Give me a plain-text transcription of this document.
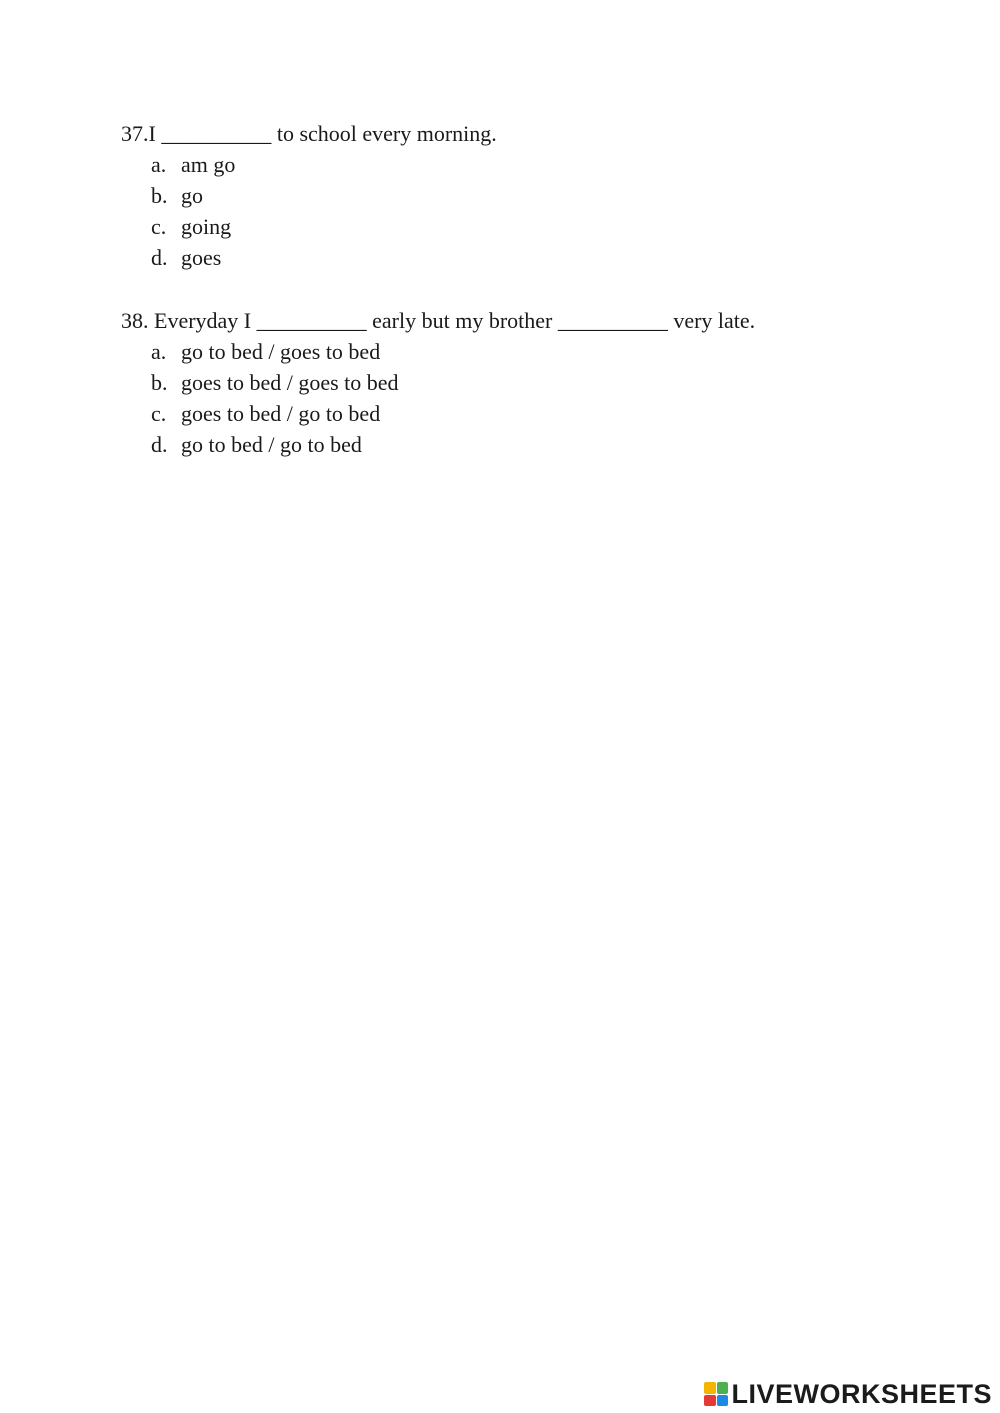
37.I __________ to school every morning.

a. am go
b. go
c. going
d. goes

38. Everyday I __________ early but my brother __________ very late.

a. go to bed / goes to bed
b. goes to bed / goes to bed
c. goes to bed / go to bed
d. go to bed / go to bed
LIVEWORKSHEETS
